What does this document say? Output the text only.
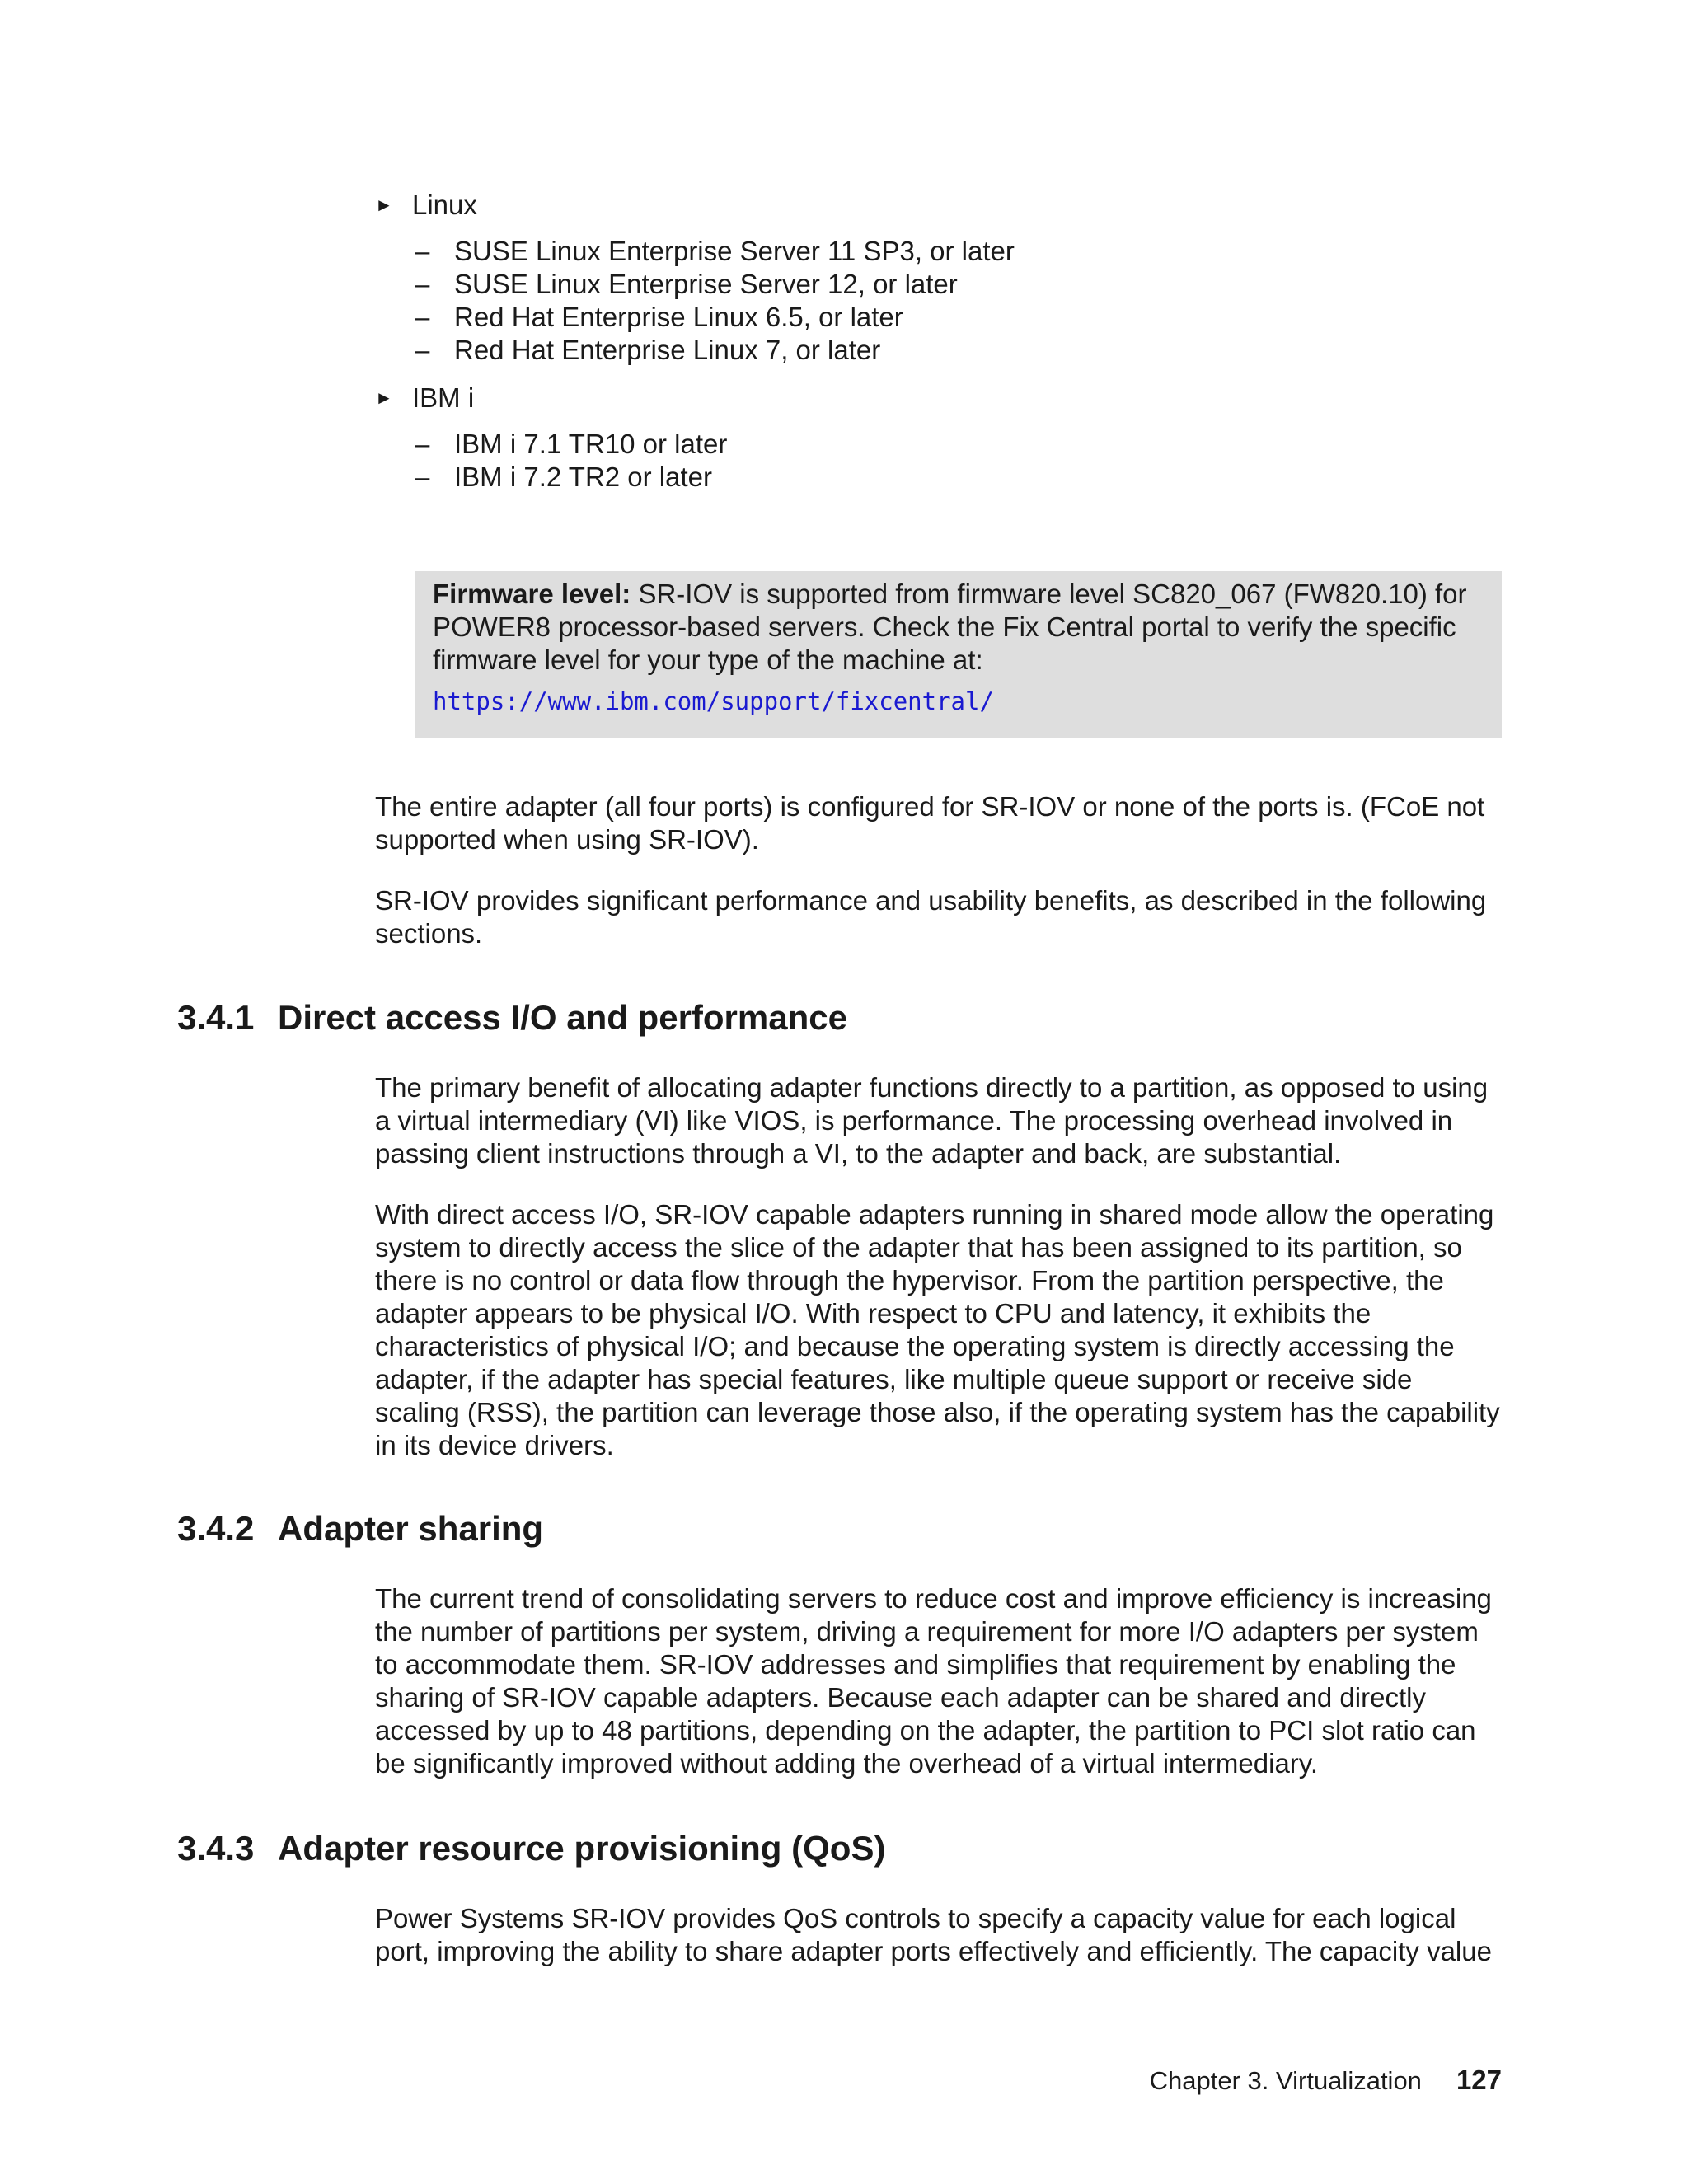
► Linux
– SUSE Linux Enterprise Server 11 SP3, or later
– SUSE Linux Enterprise Server 12, or later
– Red Hat Enterprise Linux 6.5, or later
– Red Hat Enterprise Linux 7, or later
► IBM i
– IBM i 7.1 TR10 or later
– IBM i 7.2 TR2 or later
Firmware level: SR-IOV is supported from firmware level SC820_067 (FW820.10) for POWER8 processor-based servers. Check the Fix Central portal to verify the specific firmware level for your type of the machine at:
https://www.ibm.com/support/fixcentral/

The entire adapter (all four ports) is configured for SR-IOV or none of the ports is. (FCoE not supported when using SR-IOV).

SR-IOV provides significant performance and usability benefits, as described in the following sections.

3.4.1 Direct access I/O and performance

The primary benefit of allocating adapter functions directly to a partition, as opposed to using a virtual intermediary (VI) like VIOS, is performance. The processing overhead involved in passing client instructions through a VI, to the adapter and back, are substantial.

With direct access I/O, SR-IOV capable adapters running in shared mode allow the operating system to directly access the slice of the adapter that has been assigned to its partition, so there is no control or data flow through the hypervisor. From the partition perspective, the adapter appears to be physical I/O. With respect to CPU and latency, it exhibits the characteristics of physical I/O; and because the operating system is directly accessing the adapter, if the adapter has special features, like multiple queue support or receive side scaling (RSS), the partition can leverage those also, if the operating system has the capability in its device drivers.

3.4.2 Adapter sharing

The current trend of consolidating servers to reduce cost and improve efficiency is increasing the number of partitions per system, driving a requirement for more I/O adapters per system to accommodate them. SR-IOV addresses and simplifies that requirement by enabling the sharing of SR-IOV capable adapters. Because each adapter can be shared and directly accessed by up to 48 partitions, depending on the adapter, the partition to PCI slot ratio can be significantly improved without adding the overhead of a virtual intermediary.

3.4.3 Adapter resource provisioning (QoS)

Power Systems SR-IOV provides QoS controls to specify a capacity value for each logical port, improving the ability to share adapter ports effectively and efficiently. The capacity value

Chapter 3. Virtualization 127
